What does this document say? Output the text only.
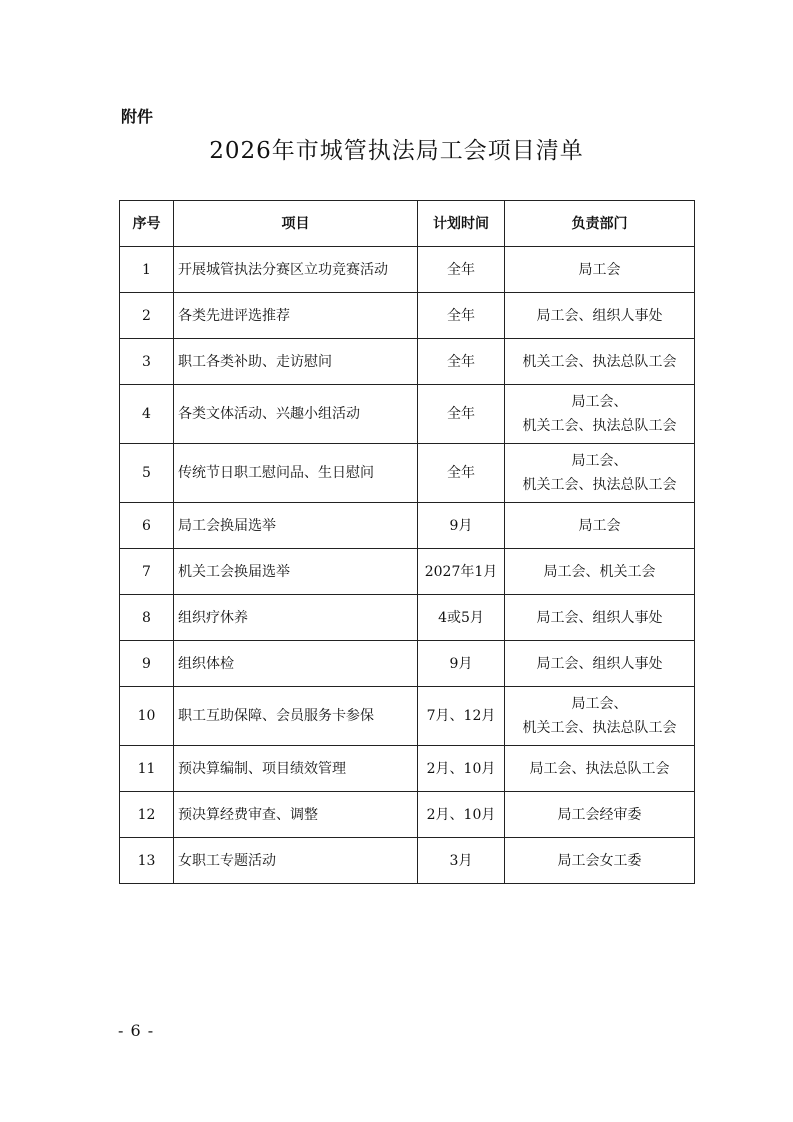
附件
2026年市城管执法局工会项目清单
序号	项目	计划时间	负责部门
1	开展城管执法分赛区立功竞赛活动	全年	局工会

2	各类先进评选推荐	全年	局工会、组织人事处

3	职工各类补助、走访慰问	全年	机关工会、执法总队工会

4	各类文体活动、兴趣小组活动	全年	局工会、
机关工会、执法总队工会

5	传统节日职工慰问品、生日慰问	全年	局工会、
机关工会、执法总队工会

6	局工会换届选举	9月	局工会

7	机关工会换届选举	2027年1月	局工会、机关工会

8	组织疗休养	4或5月	局工会、组织人事处

9	组织体检	9月	局工会、组织人事处

10	职工互助保障、会员服务卡参保	7月、12月	局工会、
机关工会、执法总队工会

11	预决算编制、项目绩效管理	2月、10月	局工会、执法总队工会

12	预决算经费审查、调整	2月、10月	局工会经审委

13	女职工专题活动	3月	局工会女工委
- 6 -
